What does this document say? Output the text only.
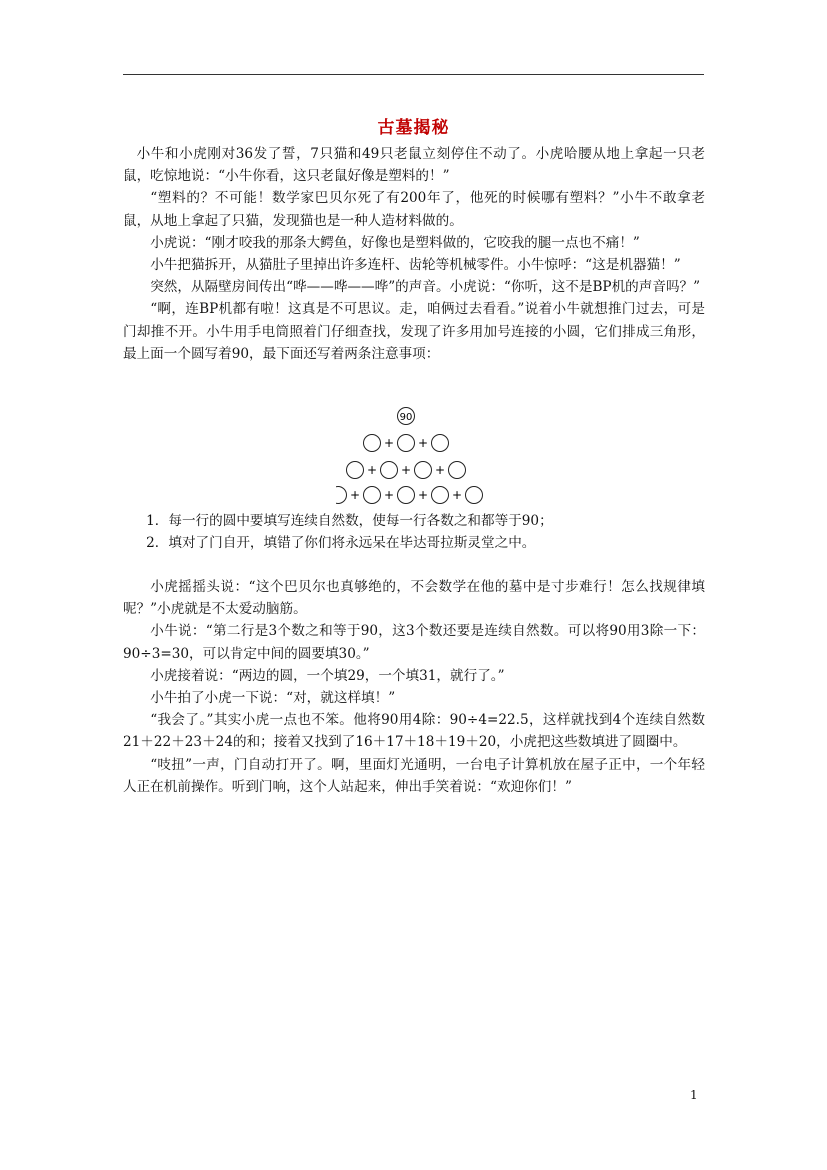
古墓揭秘

小牛和小虎刚对36发了誓，7只猫和49只老鼠立刻停住不动了。小虎哈腰从地上拿起一只老鼠，吃惊地说：“小牛你看，这只老鼠好像是塑料的！”

“塑料的？不可能！数学家巴贝尔死了有200年了，他死的时候哪有塑料？”小牛不敢拿老鼠，从地上拿起了只猫，发现猫也是一种人造材料做的。

小虎说：“刚才咬我的那条大鳄鱼，好像也是塑料做的，它咬我的腿一点也不痛！”

小牛把猫拆开，从猫肚子里掉出许多连杆、齿轮等机械零件。小牛惊呼：“这是机器猫！”

突然，从隔壁房间传出“哗——哗——哗”的声音。小虎说：“你听，这不是BP机的声音吗？”

“啊，连BP机都有啦！这真是不可思议。走，咱俩过去看看。”说着小牛就想推门过去，可是门却推不开。小牛用手电筒照着门仔细查找，发现了许多用加号连接的小圆，它们排成三角形，最上面一个圆写着90，最下面还写着两条注意事项：

90
+ +
+ + +
+ + + +

1．每一行的圆中要填写连续自然数，使每一行各数之和都等于90；

2．填对了门自开，填错了你们将永远呆在毕达哥拉斯灵堂之中。

小虎摇摇头说：“这个巴贝尔也真够绝的，不会数学在他的墓中是寸步难行！怎么找规律填呢？”小虎就是不太爱动脑筋。

小牛说：“第二行是3个数之和等于90，这3个数还要是连续自然数。可以将90用3除一下：90÷3=30，可以肯定中间的圆要填30。”

小虎接着说：“两边的圆，一个填29，一个填31，就行了。”

小牛拍了小虎一下说：“对，就这样填！”

“我会了。”其实小虎一点也不笨。他将90用4除：90÷4=22.5，这样就找到4个连续自然数21＋22＋23＋24的和；接着又找到了16＋17＋18＋19＋20，小虎把这些数填进了圆圈中。

“吱扭”一声，门自动打开了。啊，里面灯光通明，一台电子计算机放在屋子正中，一个年轻人正在机前操作。听到门响，这个人站起来，伸出手笑着说：“欢迎你们！”

1
